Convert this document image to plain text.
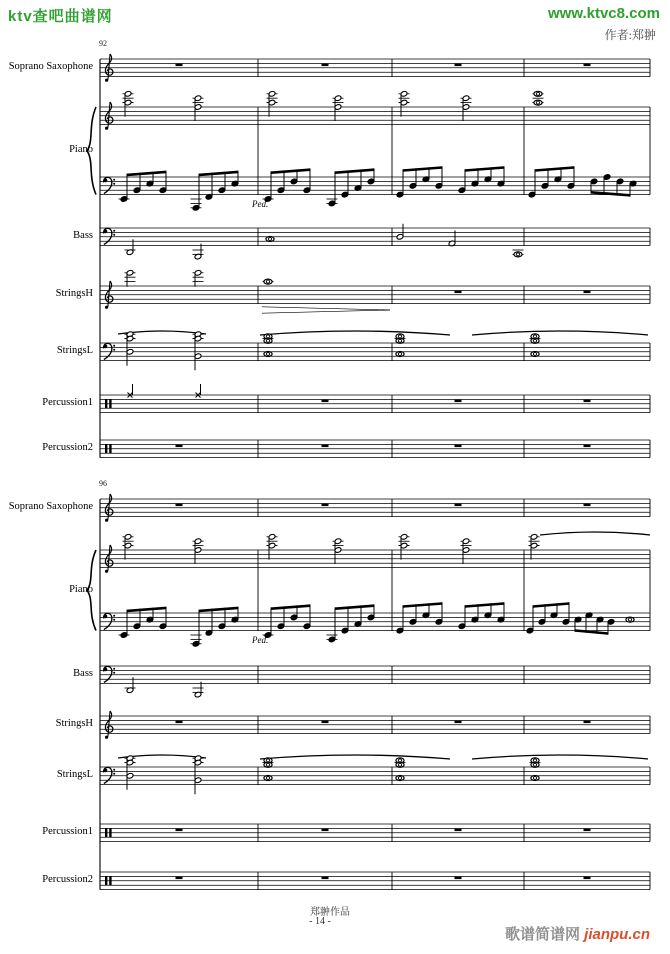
ktv查吧曲谱网	www.ktvc8.com
作者:郑翀
92
96
Ped.
Ped.
Soprano Saxophone
Piano
Bass
StringsH
StringsL
Percussion1
Percussion2
Soprano Saxophone
Piano
Bass
StringsH
StringsL
Percussion1
Percussion2
郑翀作品
- 14 -
歌谱简谱网 jianpu.cn
